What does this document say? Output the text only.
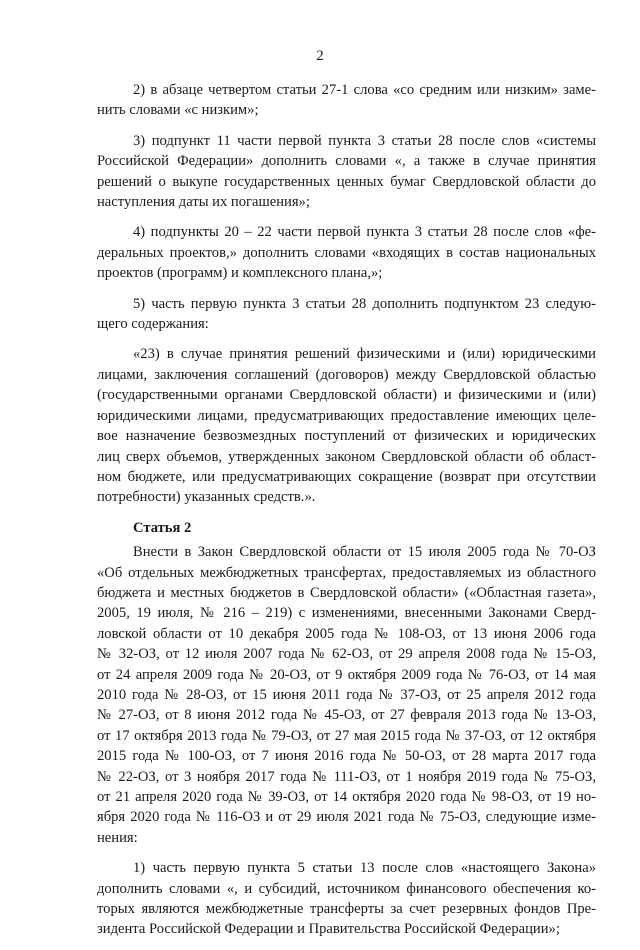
2
2) в абзаце четвертом статьи 27-1 слова «со средним или низким» заме-
нить словами «с низким»;
3) подпункт 11 части первой пункта 3 статьи 28 после слов «системы
Российской Федерации» дополнить словами «, а также в случае принятия
решений о выкупе государственных ценных бумаг Свердловской области до
наступления даты их погашения»;
4) подпункты 20 – 22 части первой пункта 3 статьи 28 после слов «фе-
деральных проектов,» дополнить словами «входящих в состав национальных
проектов (программ) и комплексного плана,»;
5) часть первую пункта 3 статьи 28 дополнить подпунктом 23 следую-
щего содержания:
«23) в случае принятия решений физическими и (или) юридическими
лицами, заключения соглашений (договоров) между Свердловской областью
(государственными органами Свердловской области) и физическими и (или)
юридическими лицами, предусматривающих предоставление имеющих целе-
вое назначение безвозмездных поступлений от физических и юридических
лиц сверх объемов, утвержденных законом Свердловской области об област-
ном бюджете, или предусматривающих сокращение (возврат при отсутствии
потребности) указанных средств.».
Статья 2
Внести в Закон Свердловской области от 15 июля 2005 года № 70-ОЗ
«Об отдельных межбюджетных трансфертах, предоставляемых из областного
бюджета и местных бюджетов в Свердловской области» («Областная газета»,
2005, 19 июля, № 216 – 219) с изменениями, внесенными Законами Сверд-
ловской области от 10 декабря 2005 года № 108-ОЗ, от 13 июня 2006 года
№ 32-ОЗ, от 12 июля 2007 года № 62-ОЗ, от 29 апреля 2008 года № 15-ОЗ,
от 24 апреля 2009 года № 20-ОЗ, от 9 октября 2009 года № 76-ОЗ, от 14 мая
2010 года № 28-ОЗ, от 15 июня 2011 года № 37-ОЗ, от 25 апреля 2012 года
№ 27-ОЗ, от 8 июня 2012 года № 45-ОЗ, от 27 февраля 2013 года № 13-ОЗ,
от 17 октября 2013 года № 79-ОЗ, от 27 мая 2015 года № 37-ОЗ, от 12 октября
2015 года № 100-ОЗ, от 7 июня 2016 года № 50-ОЗ, от 28 марта 2017 года
№ 22-ОЗ, от 3 ноября 2017 года № 111-ОЗ, от 1 ноября 2019 года № 75-ОЗ,
от 21 апреля 2020 года № 39-ОЗ, от 14 октября 2020 года № 98-ОЗ, от 19 но-
ября 2020 года № 116-ОЗ и от 29 июля 2021 года № 75-ОЗ, следующие изме-
нения:
1) часть первую пункта 5 статьи 13 после слов «настоящего Закона»
дополнить словами «, и субсидий, источником финансового обеспечения ко-
торых являются межбюджетные трансферты за счет резервных фондов Пре-
зидента Российской Федерации и Правительства Российской Федерации»;
